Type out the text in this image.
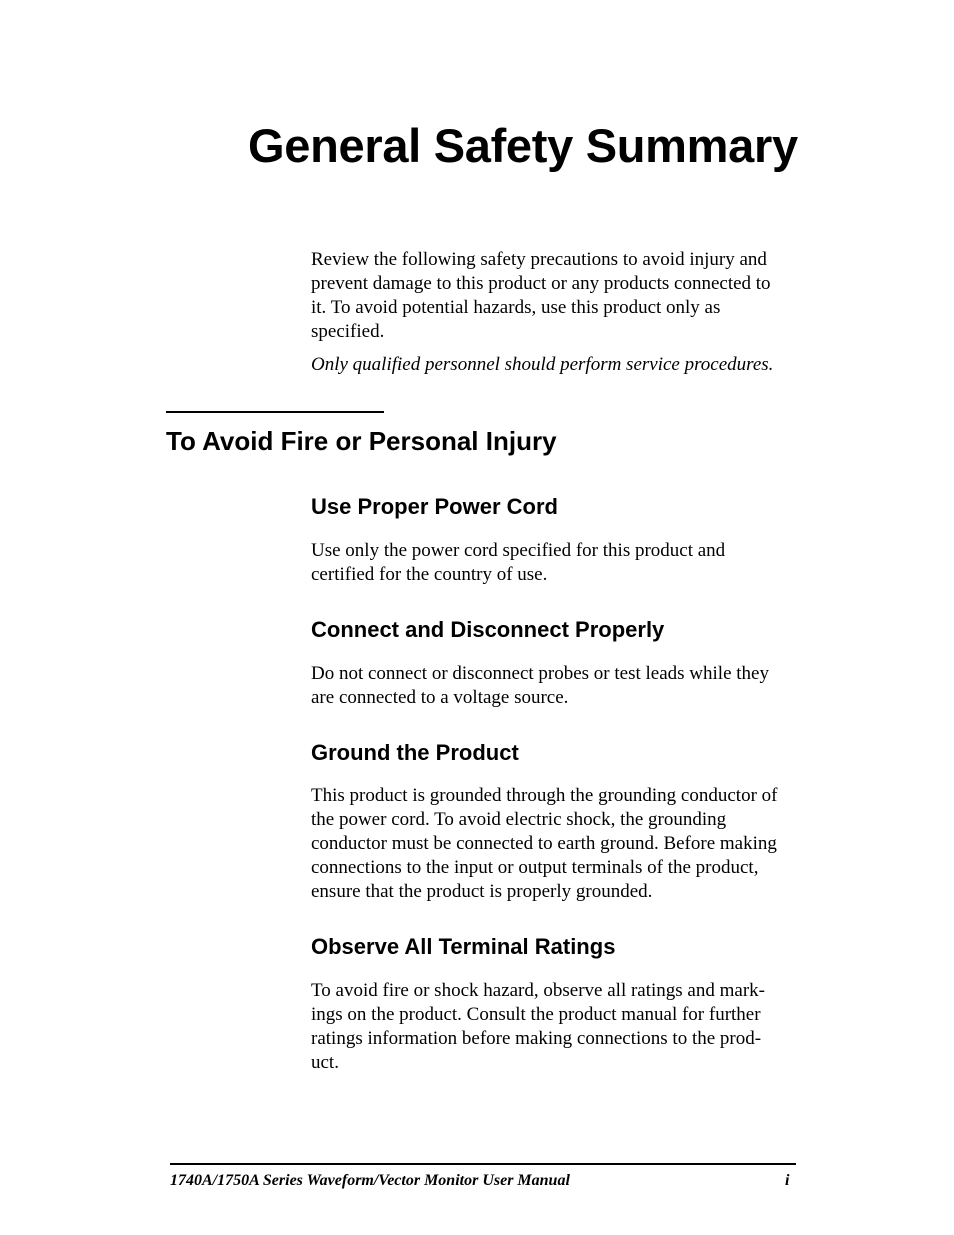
General Safety Summary
Review the following safety precautions to avoid injury and
prevent damage to this product or any products connected to
it. To avoid potential hazards, use this product only as
specified.

Only qualified personnel should perform service procedures.

To Avoid Fire or Personal Injury
Use Proper Power Cord
Use only the power cord specified for this product and
certified for the country of use.
Connect and Disconnect Properly
Do not connect or disconnect probes or test leads while they
are connected to a voltage source.
Ground the Product
This product is grounded through the grounding conductor of
the power cord. To avoid electric shock, the grounding
conductor must be connected to earth ground. Before making
connections to the input or output terminals of the product,
ensure that the product is properly grounded.
Observe All Terminal Ratings
To avoid fire or shock hazard, observe all ratings and mark-
ings on the product. Consult the product manual for further
ratings information before making connections to the prod-
uct.

1740A/1750A Series Waveform/Vector Monitor User Manual	i
